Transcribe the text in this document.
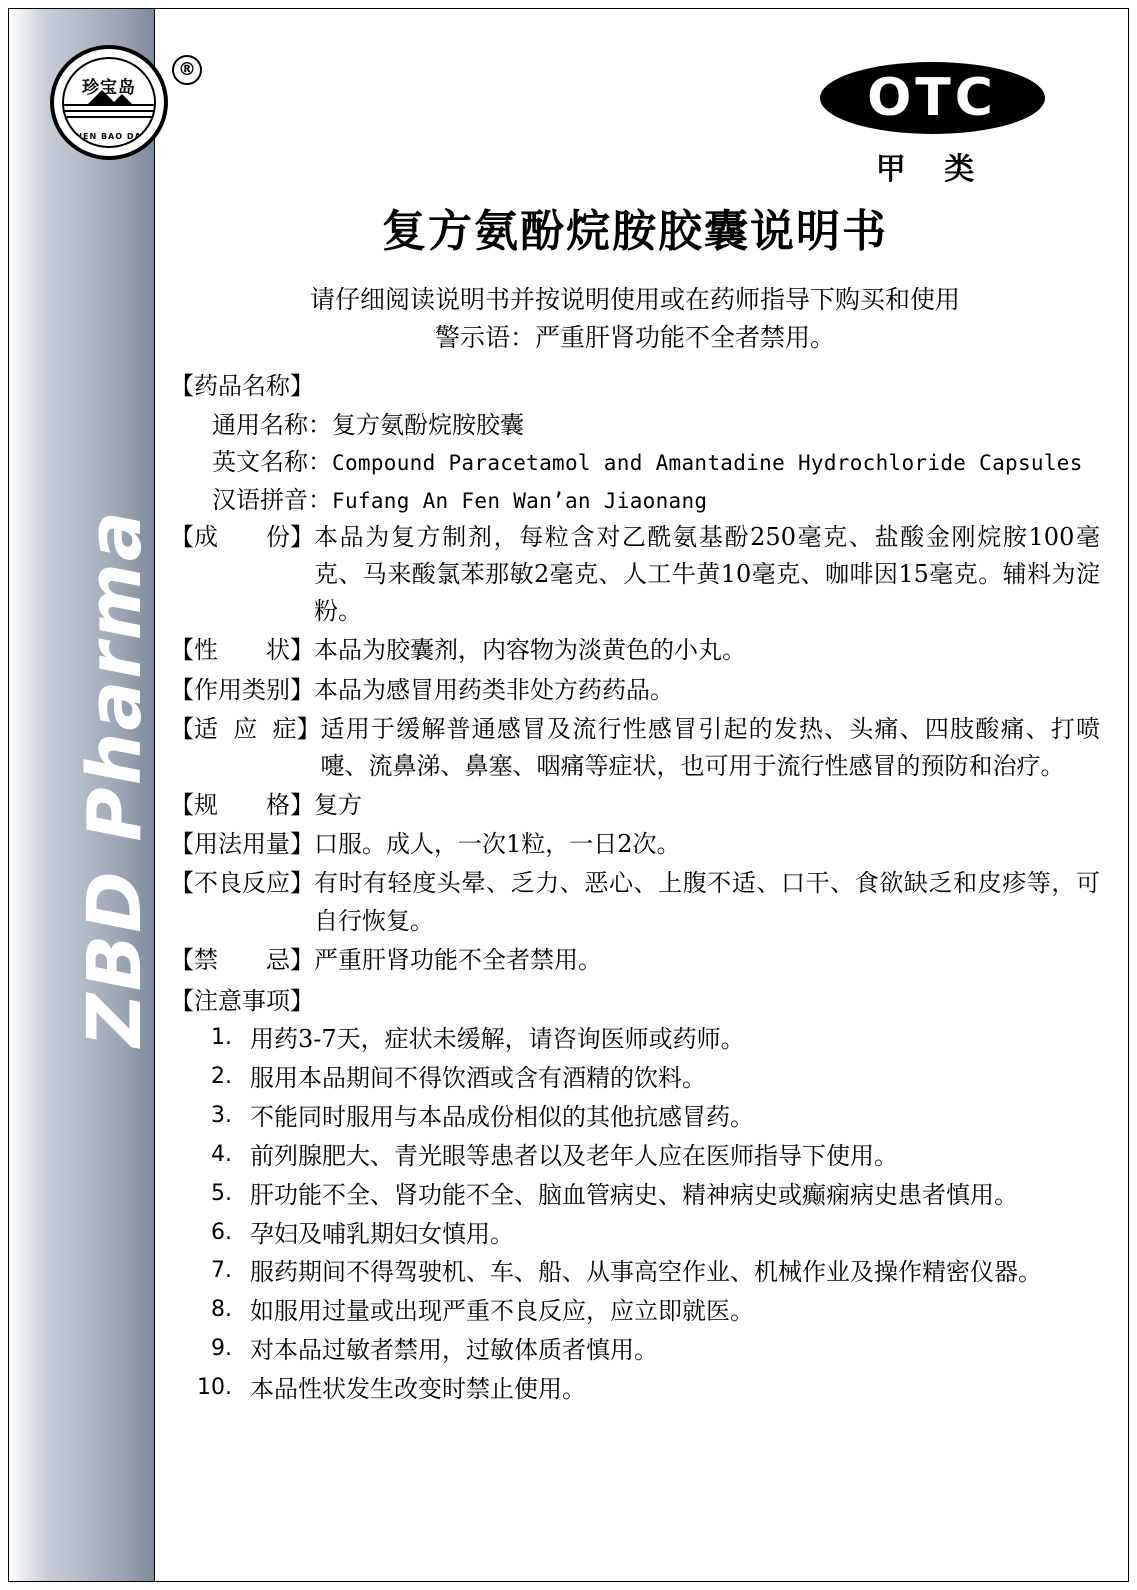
ZBD Pharma
珍宝岛
ZHEN BAO DAO
®	OTC
甲 类
复方氨酚烷胺胶囊说明书
请仔细阅读说明书并按说明使用或在药师指导下购买和使用
警示语：严重肝肾功能不全者禁用。
【药品名称】
通用名称：复方氨酚烷胺胶囊
英文名称：Compound Paracetamol and Amantadine Hydrochloride Capsules
汉语拼音：Fufang An Fen Wan’an Jiaonang
【成　　份】 本品为复方制剂，每粒含对乙酰氨基酚250毫克、盐酸金刚烷胺100毫克、马来酸氯苯那敏2毫克、人工牛黄10毫克、咖啡因15毫克。辅料为淀粉。
【性　　状】 本品为胶囊剂，内容物为淡黄色的小丸。
【作用类别】 本品为感冒用药类非处方药药品。
【适  应  症】 适用于缓解普通感冒及流行性感冒引起的发热、头痛、四肢酸痛、打喷嚏、流鼻涕、鼻塞、咽痛等症状，也可用于流行性感冒的预防和治疗。
【规　　格】 复方
【用法用量】 口服。成人，一次1粒，一日2次。
【不良反应】 有时有轻度头晕、乏力、恶心、上腹不适、口干、食欲缺乏和皮疹等，可自行恢复。
【禁　　忌】 严重肝肾功能不全者禁用。
【注意事项】
1. 用药3-7天，症状未缓解，请咨询医师或药师。
2. 服用本品期间不得饮酒或含有酒精的饮料。
3. 不能同时服用与本品成份相似的其他抗感冒药。
4. 前列腺肥大、青光眼等患者以及老年人应在医师指导下使用。
5. 肝功能不全、肾功能不全、脑血管病史、精神病史或癫痫病史患者慎用。
6. 孕妇及哺乳期妇女慎用。
7. 服药期间不得驾驶机、车、船、从事高空作业、机械作业及操作精密仪器。
8. 如服用过量或出现严重不良反应，应立即就医。
9. 对本品过敏者禁用，过敏体质者慎用。
10. 本品性状发生改变时禁止使用。
